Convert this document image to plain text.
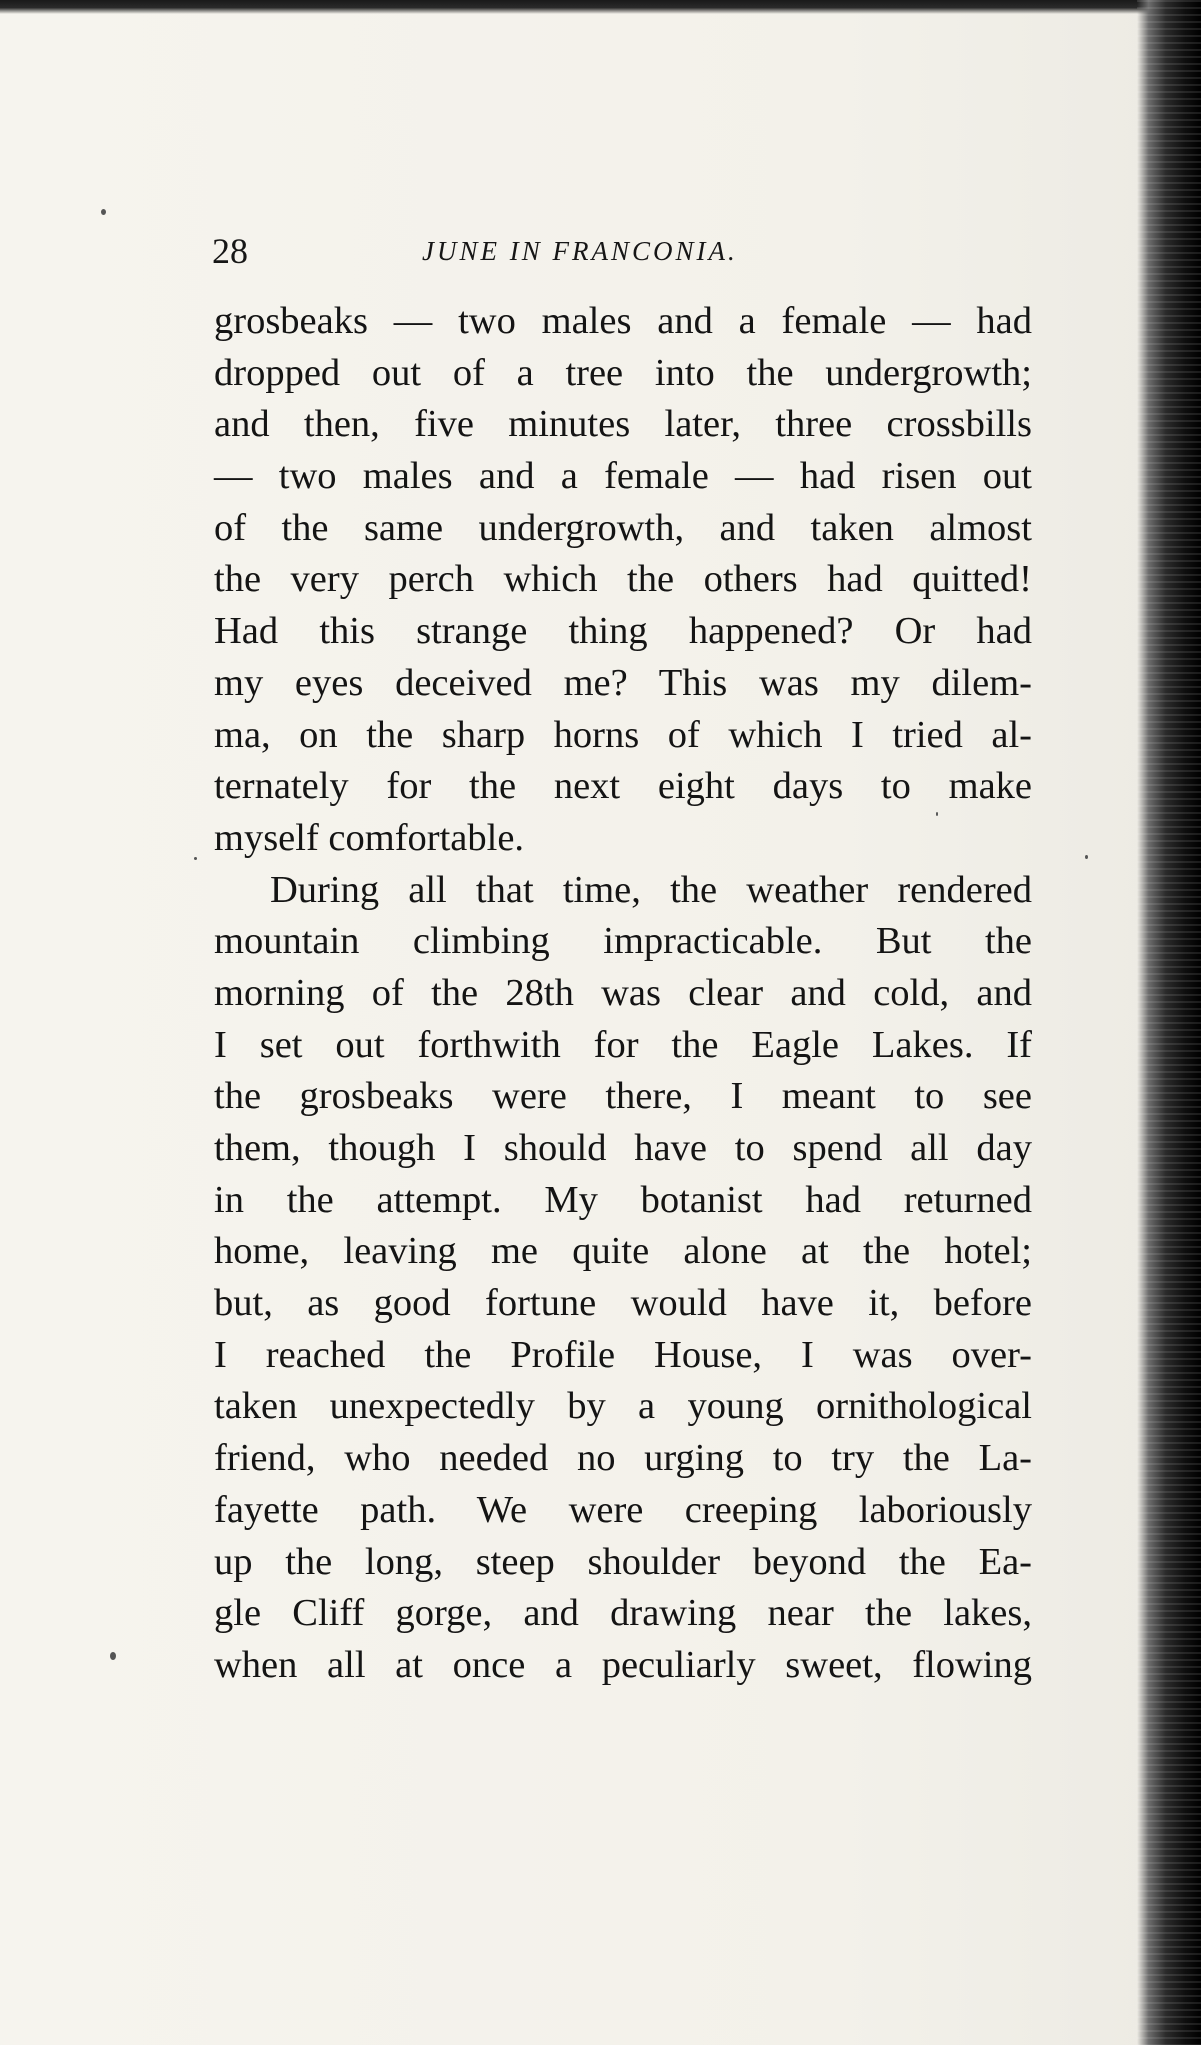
28	JUNE IN FRANCONIA.
grosbeaks — two males and a female — had
dropped out of a tree into the undergrowth;
and then, five minutes later, three crossbills
— two males and a female — had risen out
of the same undergrowth, and taken almost
the very perch which the others had quitted!
Had this strange thing happened? Or had
my eyes deceived me? This was my dilem-
ma, on the sharp horns of which I tried al-
ternately for the next eight days to make
myself comfortable.
During all that time, the weather rendered
mountain climbing impracticable. But the
morning of the 28th was clear and cold, and
I set out forthwith for the Eagle Lakes. If
the grosbeaks were there, I meant to see
them, though I should have to spend all day
in the attempt. My botanist had returned
home, leaving me quite alone at the hotel;
but, as good fortune would have it, before
I reached the Profile House, I was over-
taken unexpectedly by a young ornithological
friend, who needed no urging to try the La-
fayette path. We were creeping laboriously
up the long, steep shoulder beyond the Ea-
gle Cliff gorge, and drawing near the lakes,
when all at once a peculiarly sweet, flowing
